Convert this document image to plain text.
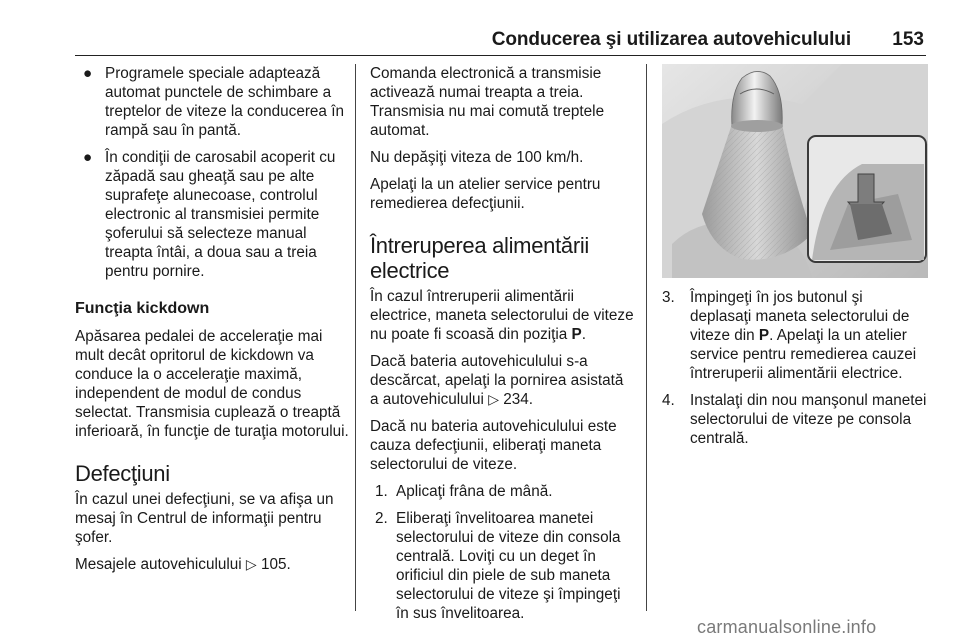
Conducerea şi utilizarea autovehiculului 153
● Programele speciale adaptează automat punctele de schimbare a treptelor de viteze la conducerea în rampă sau în pantă.
● În condiţii de carosabil acoperit cu zăpadă sau gheaţă sau pe alte suprafeţe alunecoase, controlul electronic al transmisiei permite şoferului să selecteze manual treapta întâi, a doua sau a treia pentru pornire.
Funcţia kickdown

Apăsarea pedalei de acceleraţie mai mult decât opritorul de kickdown va conduce la o acceleraţie maximă, independent de modul de condus selectat. Transmisia cuplează o treaptă inferioară, în funcţie de turaţia motorului.

Defecţiuni

În cazul unei defecţiuni, se va afişa un mesaj în Centrul de informaţii pentru şofer.

Mesajele autovehiculului ▷ 105.

Comanda electronică a transmisie activează numai treapta a treia. Transmisia nu mai comută treptele automat.

Nu depăşiţi viteza de 100 km/h.

Apelaţi la un atelier service pentru remedierea defecţiunii.

Întreruperea alimentării electrice

În cazul întreruperii alimentării electrice, maneta selectorului de viteze nu poate fi scoasă din poziţia P.

Dacă bateria autovehiculului s-a descărcat, apelaţi la pornirea asistată a autovehiculului ▷ 234.

Dacă nu bateria autovehiculului este cauza defecţiunii, eliberaţi maneta selectorului de viteze.

1. Aplicaţi frâna de mână.
2. Eliberaţi învelitoarea manetei selectorului de viteze din consola centrală. Loviţi cu un deget în orificiul din piele de sub maneta selectorului de viteze şi împingeţi în sus învelitoarea.
3. Împingeţi în jos butonul şi deplasaţi maneta selectorului de viteze din P. Apelaţi la un atelier service pentru remedierea cauzei întreruperii alimentării electrice.
4. Instalaţi din nou manşonul manetei selectorului de viteze pe consola centrală.
carmanualsonline.info
